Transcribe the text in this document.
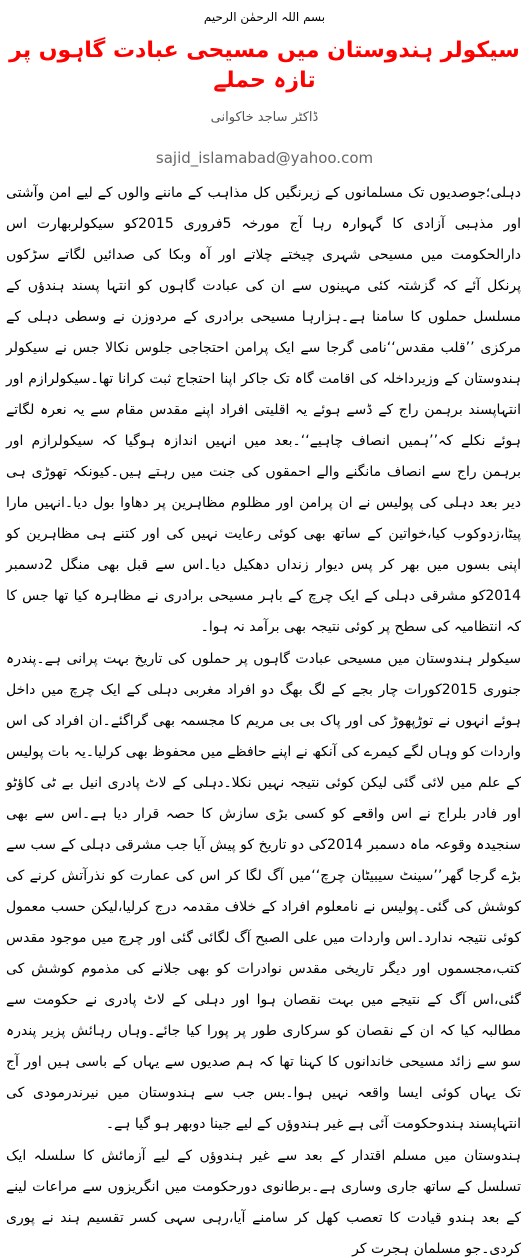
بسم اللہ الرحمٰن الرحیم
سیکولر ہندوستان میں مسیحی عبادت گاہوں پر تازہ حملے
ڈاکٹر ساجد خاکوانی
sajid_islamabad@yahoo.com

دہلی؛جوصدیوں تک مسلمانوں کے زیرنگیں کل مذاہب کے ماننے والوں کے لیے امن وآشتی اور مذہبی آزادی کا گہوارہ رہا آج مورخہ 5فروری 2015کو سیکولربھارت اس دارالحکومت میں مسیحی شہری چیختے چلاتے اور آہ وبکا کی صدائیں لگاتے سڑکوں پرنکل آئے کہ گزشتہ کئی مہینوں سے ان کی عبادت گاہوں کو انتہا پسند ہندؤں کے مسلسل حملوں کا سامنا ہے۔ہزارہا مسیحی برادری کے مردوزن نے وسطی دہلی کے مرکزی ’’قلب مقدس‘‘نامی گرجا سے ایک پرامن احتجاجی جلوس نکالا جس نے سیکولر ہندوستان کے وزیرداخلہ کی اقامت گاہ تک جاکر اپنا احتجاج ثبت کرانا تھا۔سیکولرازم اور انتہاپسند برہمن راج کے ڈسے ہوئے یہ اقلیتی افراد اپنے مقدس مقام سے یہ نعرہ لگاتے ہوئے نکلے کہ’’ہمیں انصاف چاہیے‘‘۔بعد میں انہیں اندازہ ہوگیا کہ سیکولرازم اور برہمن راج سے انصاف مانگنے والے احمقوں کی جنت میں رہتے ہیں۔کیونکہ تھوڑی ہی دیر بعد دہلی کی پولیس نے ان پرامن اور مظلوم مظاہرین پر دھاوا بول دیا۔انہیں مارا پیٹا،زدوکوب کیا،خواتین کے ساتھ بھی کوئی رعایت نہیں کی اور کتنے ہی مظاہرین کو اپنی بسوں میں بھر کر پس دیوار زنداں دھکیل دیا۔اس سے قبل بھی منگل 2دسمبر 2014کو مشرقی دہلی کے ایک چرچ کے باہر مسیحی برادری نے مظاہرہ کیا تھا جس کا کہ انتظامیہ کی سطح پر کوئی نتیجہ بھی برآمد نہ ہوا۔

سیکولر ہندوستان میں مسیحی عبادت گاہوں پر حملوں کی تاریخ بہت پرانی ہے۔پندرہ جنوری 2015کورات چار بجے کے لگ بھگ دو افراد مغربی دہلی کے ایک چرچ میں داخل ہوئے انہوں نے توڑپھوڑ کی اور پاک بی بی مریم کا مجسمہ بھی گراگئے۔ان افراد کی اس واردات کو وہاں لگے کیمرے کی آنکھ نے اپنے حافظے میں محفوظ بھی کرلیا۔یہ بات پولیس کے علم میں لائی گئی لیکن کوئی نتیجہ نہیں نکلا۔دہلی کے لاٹ پادری انیل بے ٹی کاؤٹو اور فادر بلراج نے اس واقعے کو کسی بڑی سازش کا حصہ قرار دیا ہے۔اس سے بھی سنجیدہ وقوعہ ماہ دسمبر 2014کی دو تاریخ کو پیش آیا جب مشرقی دہلی کے سب سے بڑے گرجا گھر’’سینٹ سیبیٹان چرچ‘‘میں آگ لگا کر اس کی عمارت کو نذرآتش کرنے کی کوشش کی گئی۔پولیس نے نامعلوم افراد کے خلاف مقدمہ درج کرلیا،لیکن حسب معمول کوئی نتیجہ ندارد۔اس واردات میں علی الصبح آگ لگائی گئی اور چرچ میں موجود مقدس کتب،مجسموں اور دیگر تاریخی مقدس نوادرات کو بھی جلانے کی مذموم کوشش کی گئی،اس آگ کے نتیجے میں بہت نقصان ہوا اور دہلی کے لاٹ پادری نے حکومت سے مطالبہ کیا کہ ان کے نقصان کو سرکاری طور پر پورا کیا جائے۔وہاں رہائش پزیر پندرہ سو سے زائد مسیحی خاندانوں کا کہنا تھا کہ ہم صدیوں سے یہاں کے باسی ہیں اور آج تک یہاں کوئی ایسا واقعہ نہیں ہوا۔بس جب سے ہندوستان میں نیرندرمودی کی انتہاپسند ہندوحکومت آئی ہے غیر ہندوؤں کے لیے جینا دوبھر ہو گیا ہے۔

ہندوستان میں مسلم اقتدار کے بعد سے غیر ہندوؤں کے لیے آزمائش کا سلسلہ ایک تسلسل کے ساتھ جاری وساری ہے۔برطانوی دورحکومت میں انگریزوں سے مراعات لینے کے بعد ہندو قیادت کا تعصب کھل کر سامنے آیا،رہی سہی کسر تقسیم ہند نے پوری کردی۔جو مسلمان ہجرت کر
